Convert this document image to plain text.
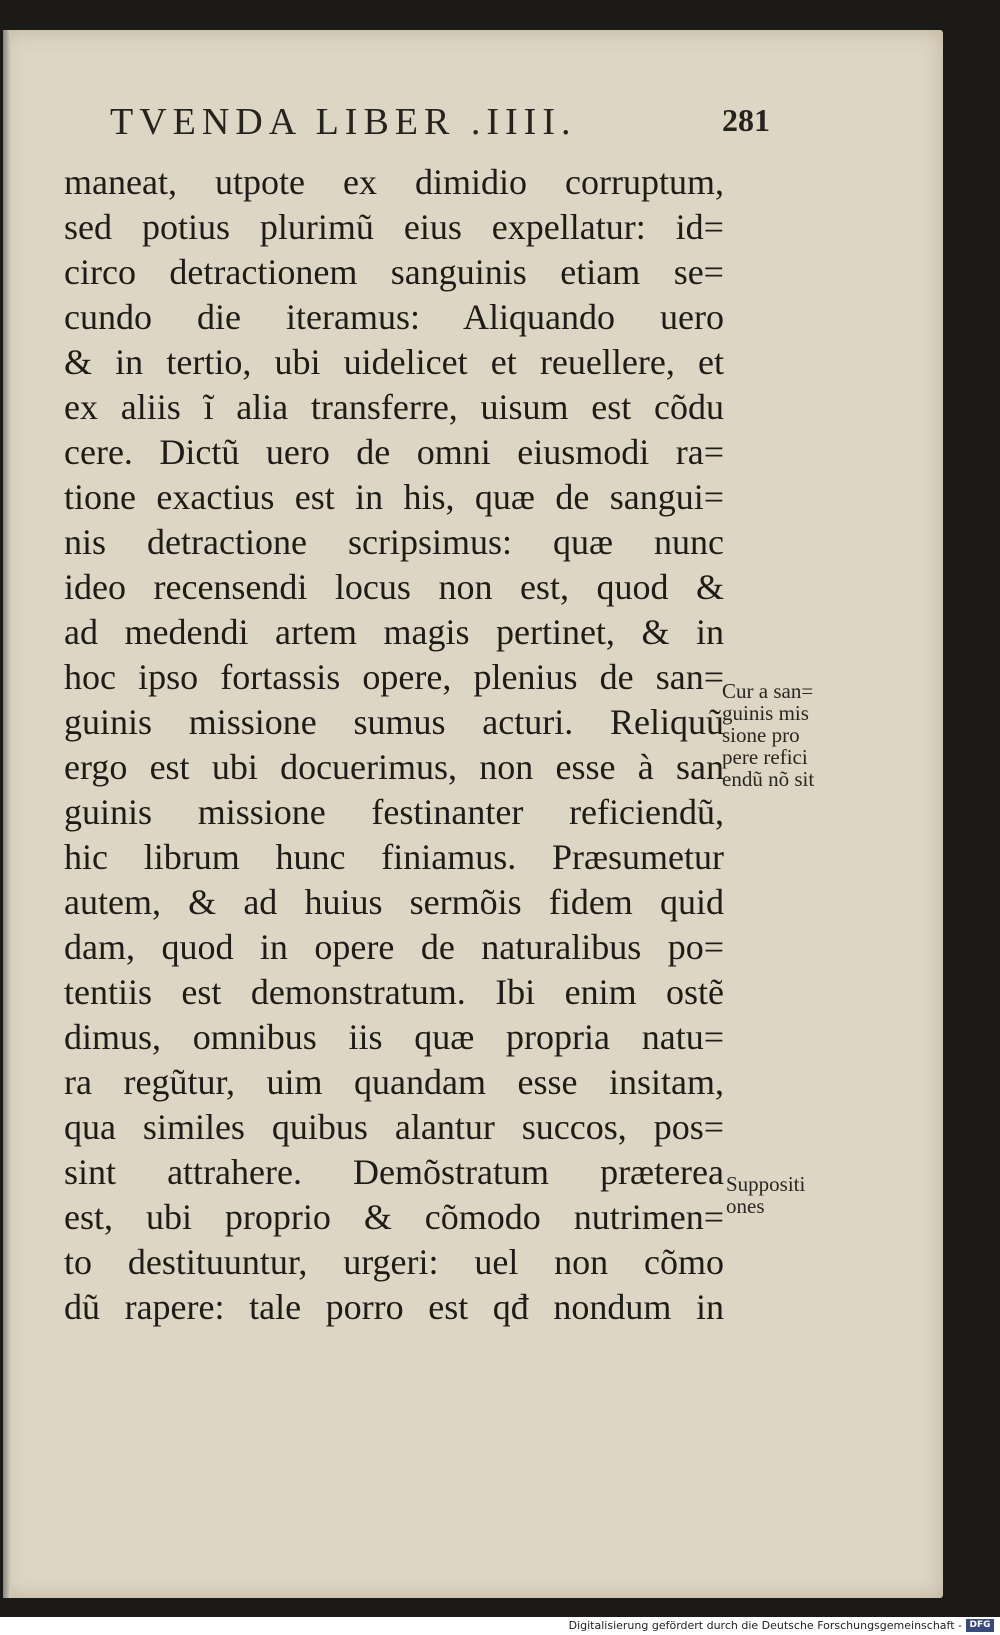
TVENDA LIBER .IIII.	281
maneat, utpote ex dimidio corruptum,
sed potius plurimũ eius expellatur: id=
circo detractionem sanguinis etiam se=
cundo die iteramus: Aliquando uero
& in tertio, ubi uidelicet et reuellere, et
ex aliis ĩ alia transferre, uisum est cõdu
cere. Dictũ uero de omni eiusmodi ra=
tione exactius est in his, quæ de sangui=
nis detractione scripsimus: quæ nunc
ideo recensendi locus non est, quod &
ad medendi artem magis pertinet, & in
hoc ipso fortassis opere, plenius de san=
guinis missione sumus acturi. Reliquũ
ergo est ubi docuerimus, non esse à san
guinis missione festinanter reficiendũ,
hic librum hunc finiamus. Præsumetur
autem, & ad huius sermõis fidem quid
dam, quod in opere de naturalibus po=
tentiis est demonstratum. Ibi enim ostẽ
dimus, omnibus iis quæ propria natu=
ra regũtur, uim quandam esse insitam,
qua similes quibus alantur succos, pos=
sint attrahere. Demõstratum præterea
est, ubi proprio & cõmodo nutrimen=
to destituuntur, urgeri: uel non cõmo
dũ rapere: tale porro est qđ nondum in
Cur a san=
guinis mis
sione pro
pere refici
endũ nõ sit
Suppositi
ones
Digitalisierung gefördert durch die Deutsche Forschungsgemeinschaft - DFG
